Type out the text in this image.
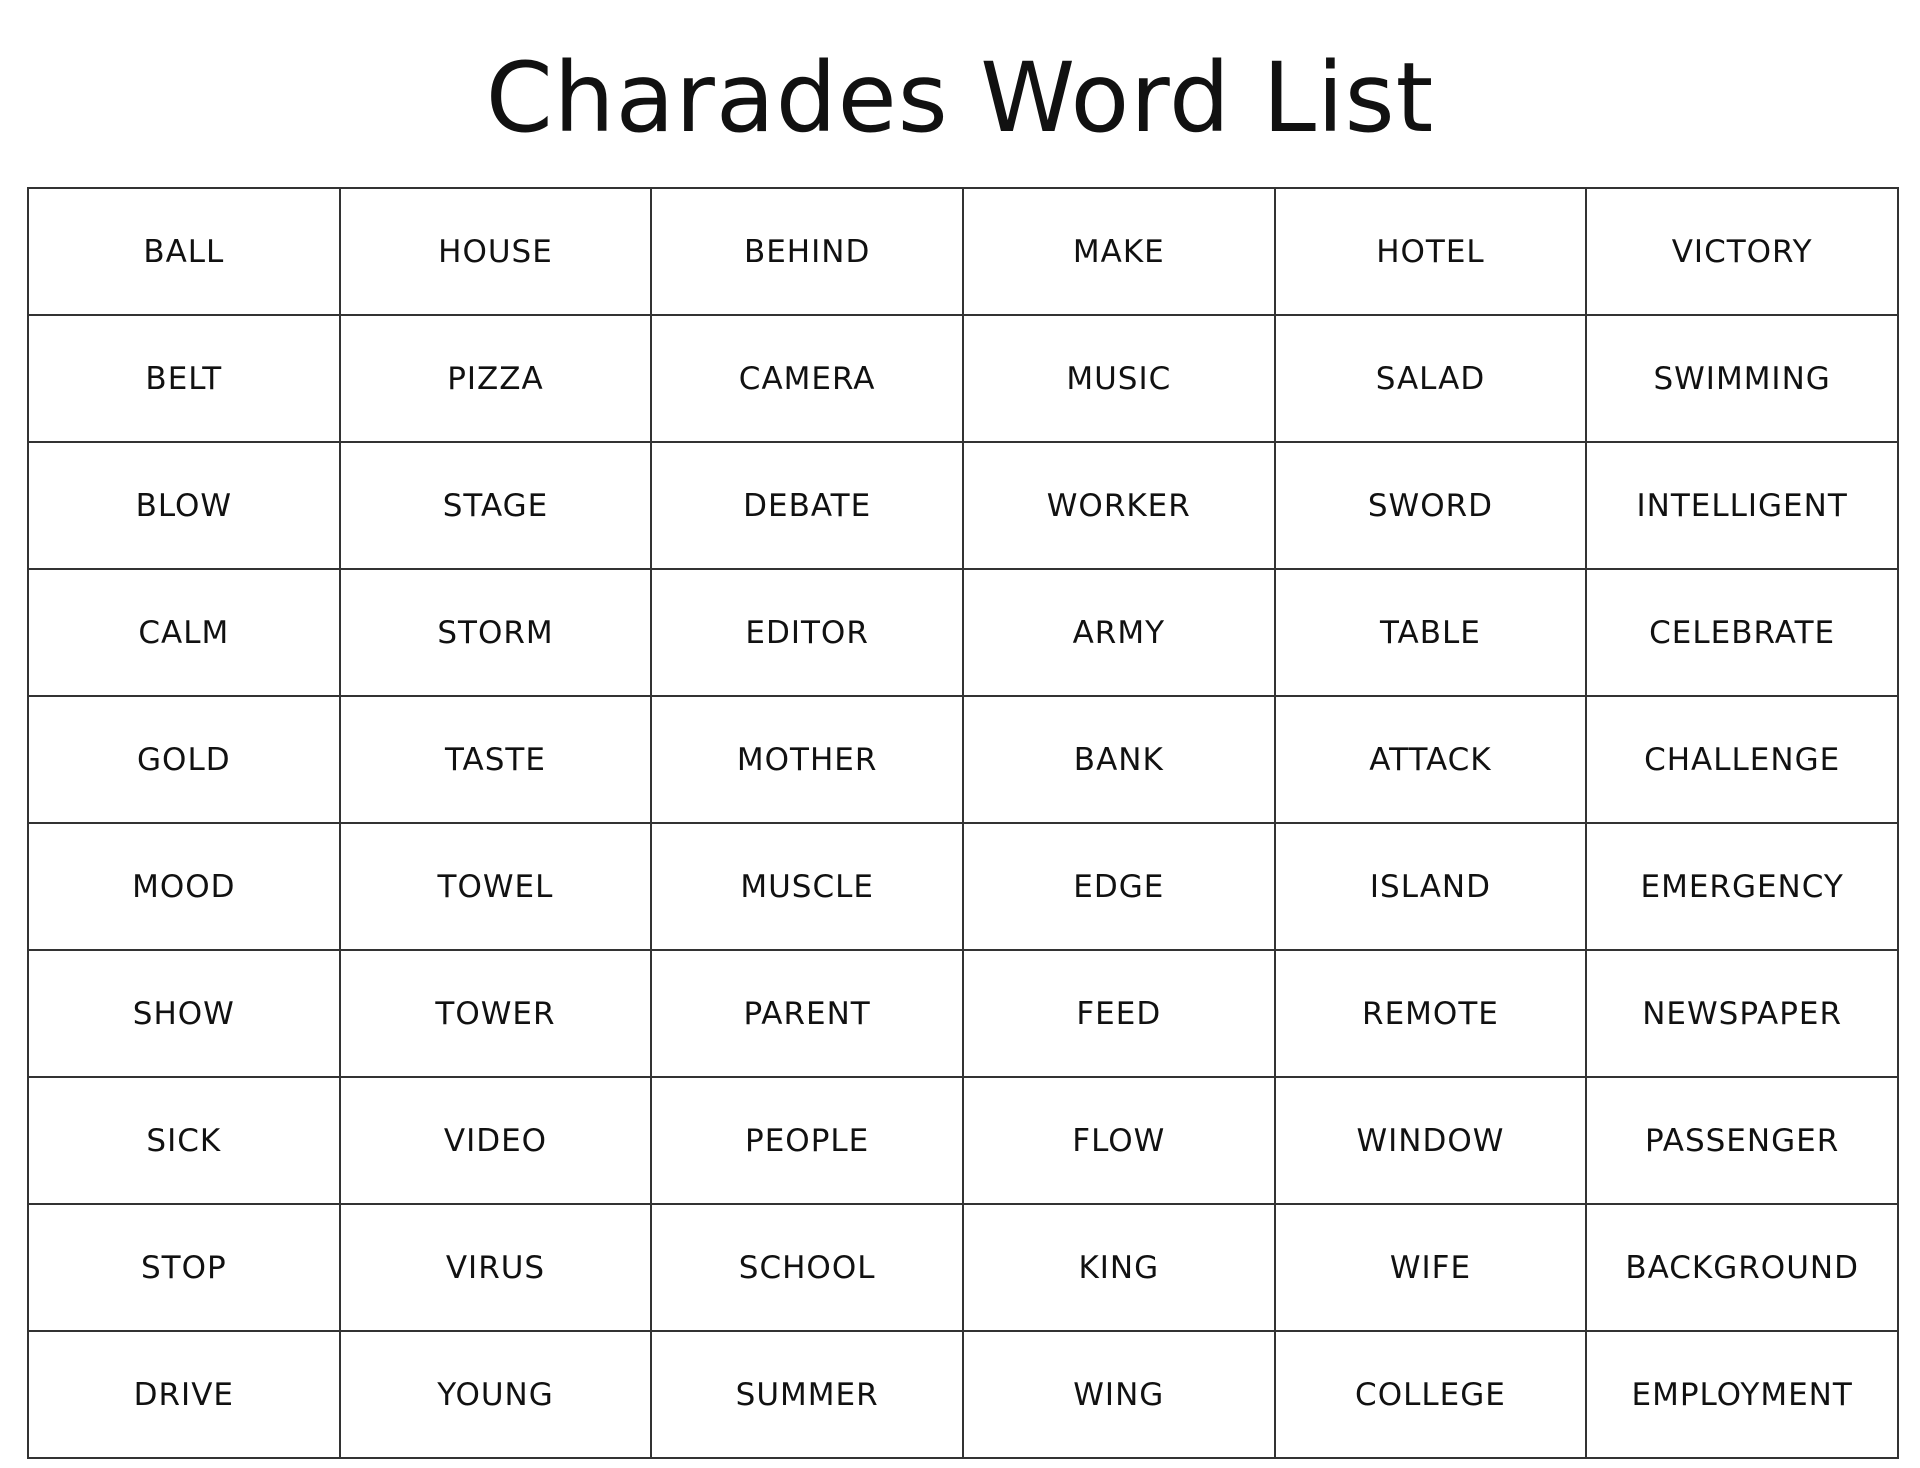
Charades Word List
BALL	HOUSE	BEHIND	MAKE	HOTEL	VICTORY
BELT	PIZZA	CAMERA	MUSIC	SALAD	SWIMMING
BLOW	STAGE	DEBATE	WORKER	SWORD	INTELLIGENT
CALM	STORM	EDITOR	ARMY	TABLE	CELEBRATE
GOLD	TASTE	MOTHER	BANK	ATTACK	CHALLENGE
MOOD	TOWEL	MUSCLE	EDGE	ISLAND	EMERGENCY
SHOW	TOWER	PARENT	FEED	REMOTE	NEWSPAPER
SICK	VIDEO	PEOPLE	FLOW	WINDOW	PASSENGER
STOP	VIRUS	SCHOOL	KING	WIFE	BACKGROUND
DRIVE	YOUNG	SUMMER	WING	COLLEGE	EMPLOYMENT
